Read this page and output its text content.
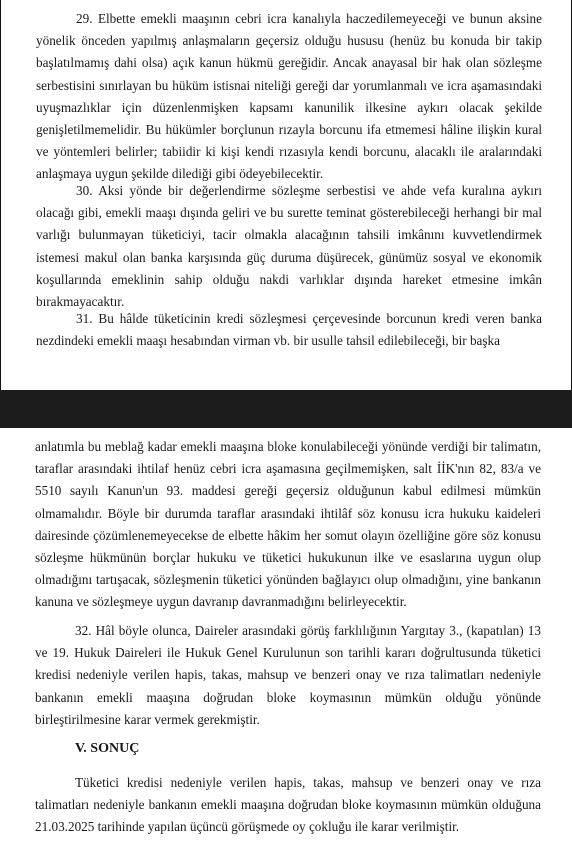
29. Elbette emekli maaşının cebri icra kanalıyla haczedilemeyeceği ve bunun aksine yönelik önceden yapılmış anlaşmaların geçersiz olduğu hususu (henüz bu konuda bir takip başlatılmamış dahi olsa) açık kanun hükmü gereğidir. Ancak anayasal bir hak olan sözleşme serbestisini sınırlayan bu hüküm istisnai niteliği gereği dar yorumlanmalı ve icra aşamasındaki uyuşmazlıklar için düzenlenmişken kapsamı kanunilik ilkesine aykırı olacak şekilde genişletilmemelidir. Bu hükümler borçlunun rızayla borcunu ifa etmemesi hâline ilişkin kural ve yöntemleri belirler; tabiidir ki kişi kendi rızasıyla kendi borcunu, alacaklı ile aralarındaki anlaşmaya uygun şekilde dilediği gibi ödeyebilecektir.

30. Aksi yönde bir değerlendirme sözleşme serbestisi ve ahde vefa kuralına aykırı olacağı gibi, emekli maaşı dışında geliri ve bu surette teminat gösterebileceği herhangi bir mal varlığı bulunmayan tüketiciyi, tacir olmakla alacağının tahsili imkânını kuvvetlendirmek istemesi makul olan banka karşısında güç duruma düşürecek, günümüz sosyal ve ekonomik koşullarında emeklinin sahip olduğu nakdi varlıklar dışında hareket etmesine imkân bırakmayacaktır.

31. Bu hâlde tüketicinin kredi sözleşmesi çerçevesinde borcunun kredi veren banka nezdindeki emekli maaşı hesabından virman vb. bir usulle tahsil edilebileceği, bir başka

anlatımla bu meblağ kadar emekli maaşına bloke konulabileceği yönünde verdiği bir talimatın, taraflar arasındaki ihtilaf henüz cebri icra aşamasına geçilmemişken, salt İİK'nın 82, 83/a ve 5510 sayılı Kanun'un 93. maddesi gereği geçersiz olduğunun kabul edilmesi mümkün olmamalıdır. Böyle bir durumda taraflar arasındaki ihtilâf söz konusu icra hukuku kaideleri dairesinde çözümlenemeyecekse de elbette hâkim her somut olayın özelliğine göre söz konusu sözleşme hükmünün borçlar hukuku ve tüketici hukukunun ilke ve esaslarına uygun olup olmadığını tartışacak, sözleşmenin tüketici yönünden bağlayıcı olup olmadığını, yine bankanın kanuna ve sözleşmeye uygun davranıp davranmadığını belirleyecektir.

32. Hâl böyle olunca, Daireler arasındaki görüş farklılığının Yargıtay 3., (kapatılan) 13 ve 19. Hukuk Daireleri ile Hukuk Genel Kurulunun son tarihli kararı doğrultusunda tüketici kredisi nedeniyle verilen hapis, takas, mahsup ve benzeri onay ve rıza talimatları nedeniyle bankanın emekli maaşına doğrudan bloke koymasının mümkün olduğu yönünde birleştirilmesine karar vermek gerekmiştir.

V. SONUÇ

Tüketici kredisi nedeniyle verilen hapis, takas, mahsup ve benzeri onay ve rıza talimatları nedeniyle bankanın emekli maaşına doğrudan bloke koymasının mümkün olduğuna 21.03.2025 tarihinde yapılan üçüncü görüşmede oy çokluğu ile karar verilmiştir.
